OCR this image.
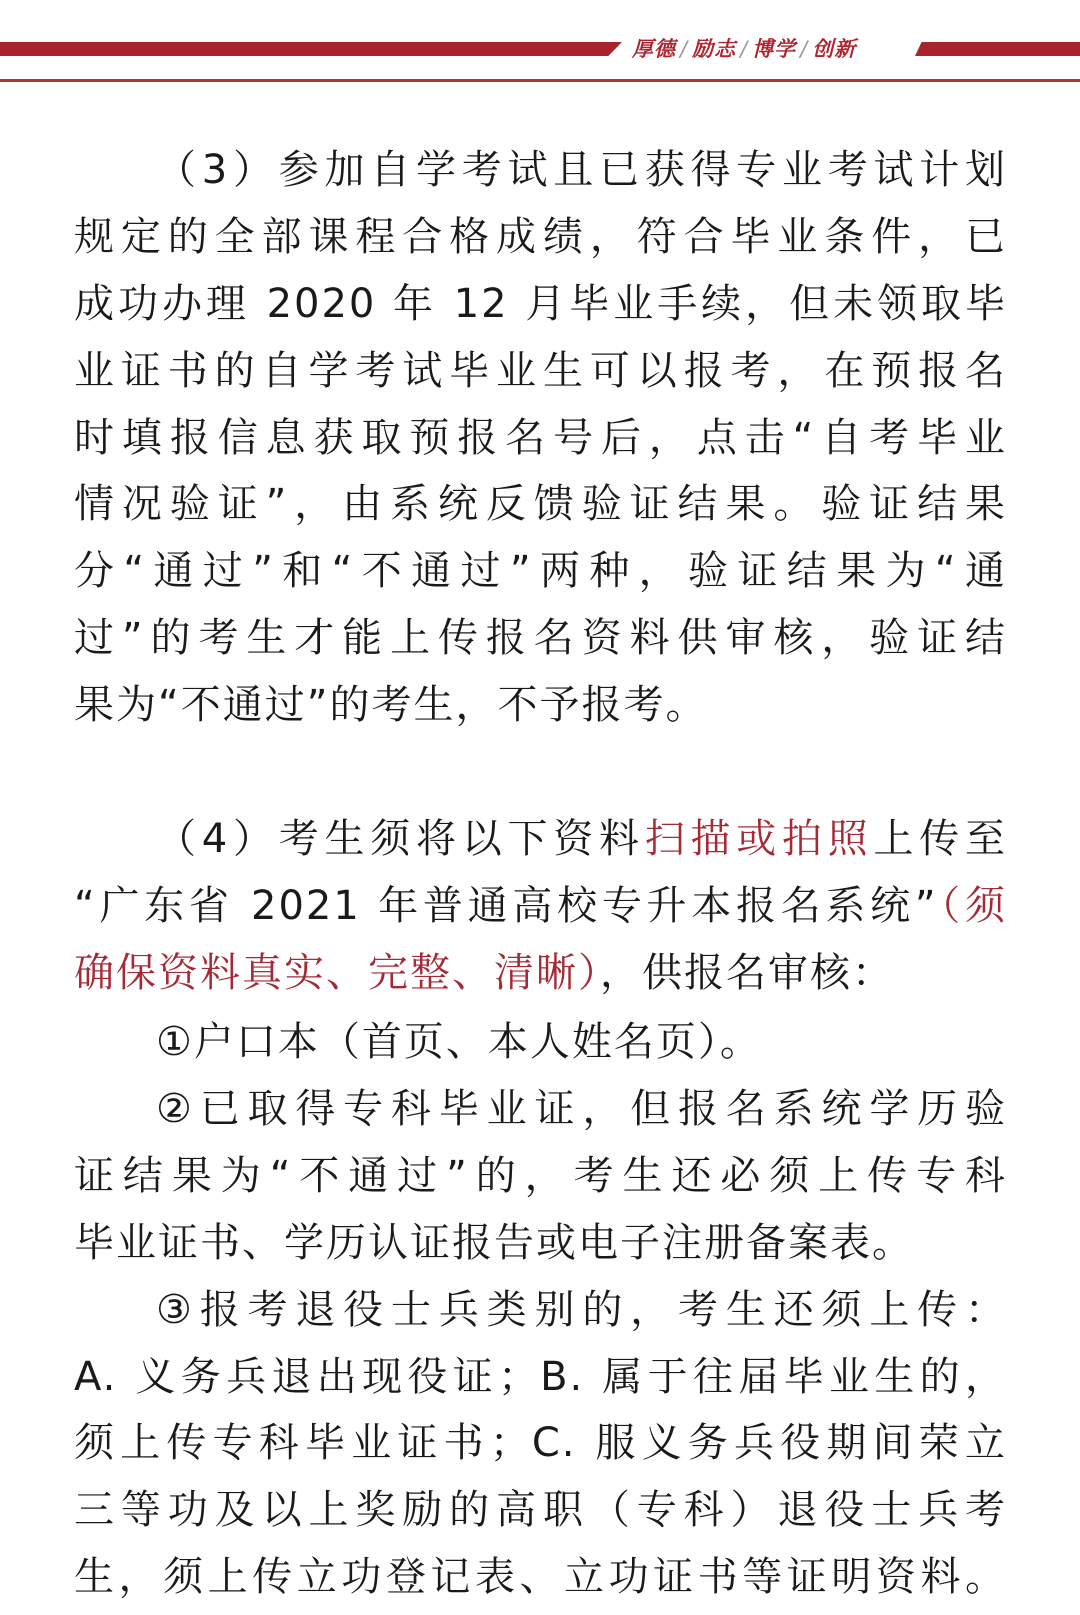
厚德 / 励志 / 博学 / 创新
（3）参加自学考试且已获得专业考试计划
规定的全部课程合格成绩，符合毕业条件，已
成功办理 2020 年 12 月毕业手续，但未领取毕
业证书的自学考试毕业生可以报考，在预报名
时填报信息获取预报名号后，点击“自考毕业
情况验证”，由系统反馈验证结果。验证结果
分“通过”和“不通过”两种，验证结果为“通
过”的考生才能上传报名资料供审核，验证结
果为“不通过”的考生，不予报考。
（4）考生须将以下资料扫描或拍照上传至
“广东省 2021 年普通高校专升本报名系统”（须
确保资料真实、完整、清晰），供报名审核：
①户口本（首页、本人姓名页）。
②已取得专科毕业证，但报名系统学历验
证结果为“不通过”的，考生还必须上传专科
毕业证书、学历认证报告或电子注册备案表。
③报考退役士兵类别的，考生还须上传：
A. 义务兵退出现役证；B. 属于往届毕业生的，
须上传专科毕业证书；C. 服义务兵役期间荣立
三等功及以上奖励的高职（专科）退役士兵考
生，须上传立功登记表、立功证书等证明资料。
